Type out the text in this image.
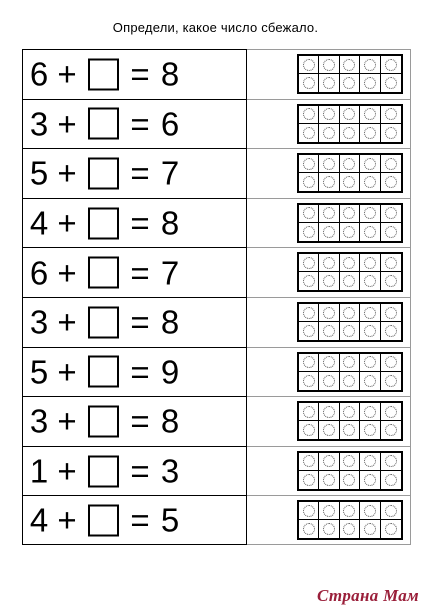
Определи, какое число сбежало.
6 + = 8
3 + = 6
5 + = 7
4 + = 8
6 + = 7
3 + = 8
5 + = 9
3 + = 8
1 + = 3
4 + = 5
Страна Мам
